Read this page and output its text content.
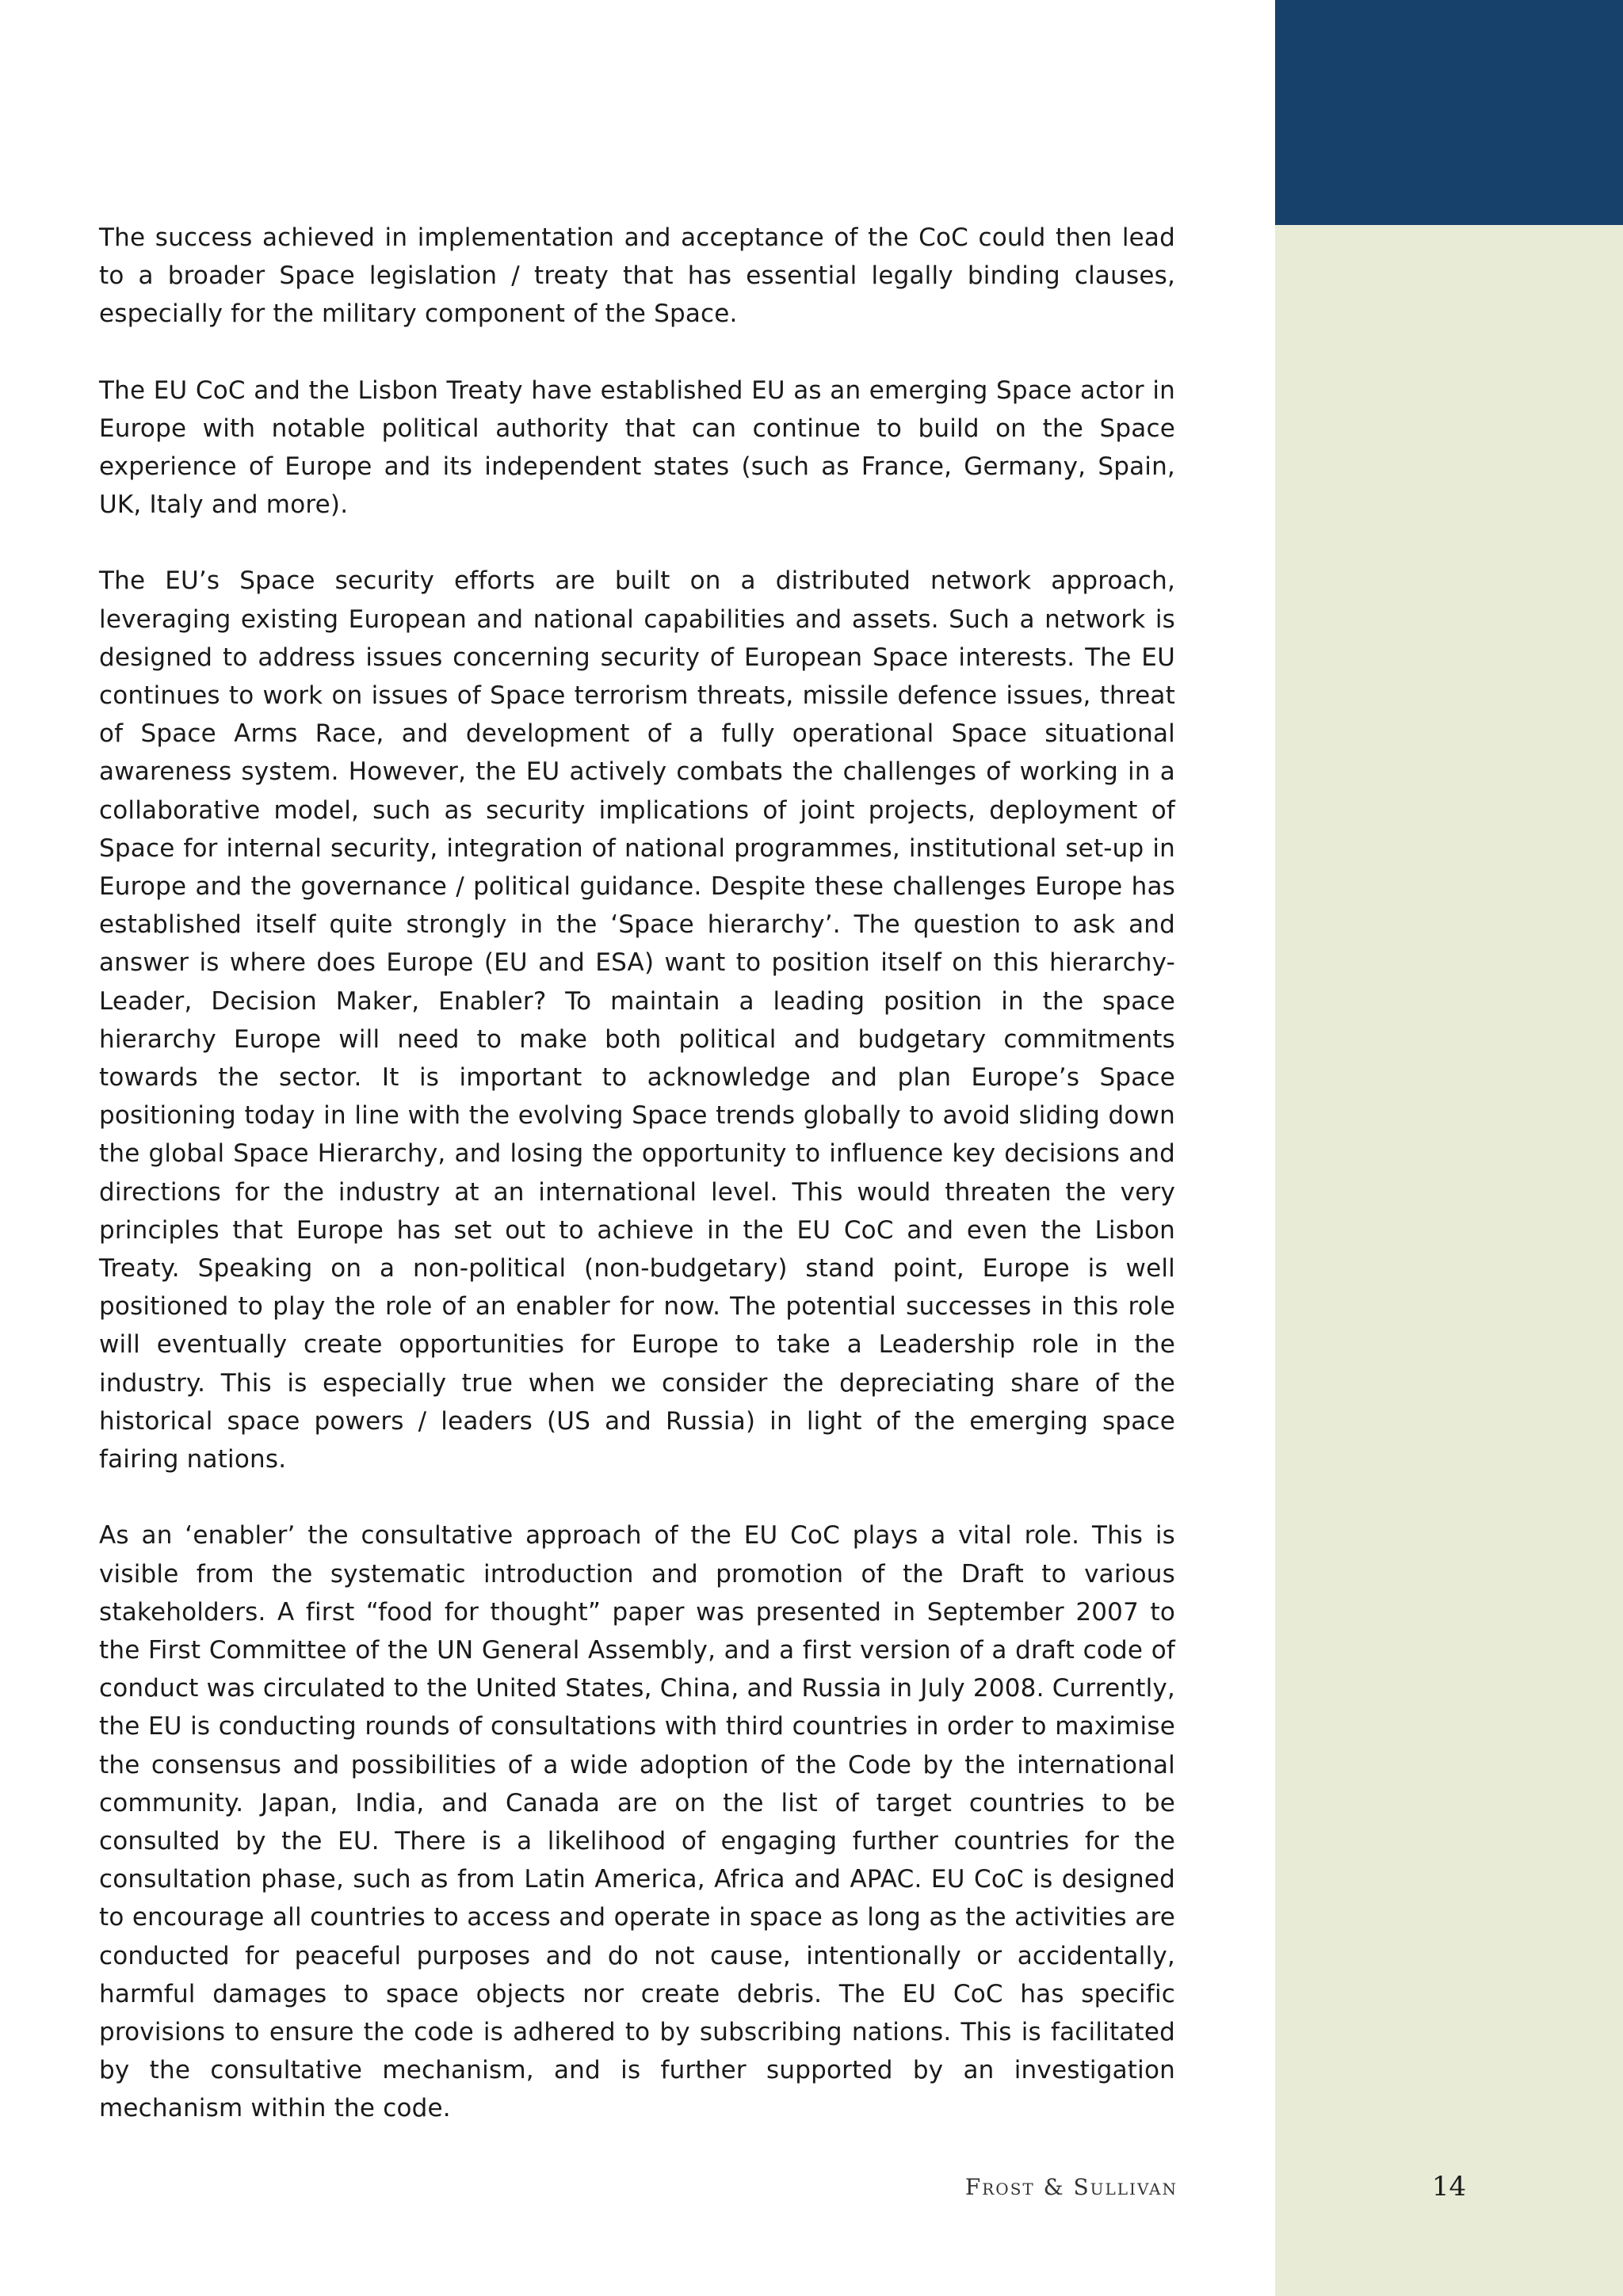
The success achieved in implementation and acceptance of the CoC could then lead to a broader Space legislation / treaty that has essential legally binding clauses, especially for the military component of the Space.

The EU CoC and the Lisbon Treaty have established EU as an emerging Space actor in Europe with notable political authority that can continue to build on the Space experience of Europe and its independent states (such as France, Germany, Spain, UK, Italy and more).

The EU’s Space security efforts are built on a distributed network approach, leveraging existing European and national capabilities and assets. Such a network is designed to address issues concerning security of European Space interests. The EU continues to work on issues of Space terrorism threats, missile defence issues, threat of Space Arms Race, and development of a fully operational Space situational awareness system. However, the EU actively combats the challenges of working in a collaborative model, such as security implications of joint projects, deployment of Space for internal security, integration of national programmes, institutional set-up in Europe and the governance / political guidance. Despite these challenges Europe has established itself quite strongly in the ‘Space hierarchy’. The question to ask and answer is where does Europe (EU and ESA) want to position itself on this hierarchy- Leader, Decision Maker, Enabler? To maintain a leading position in the space hierarchy Europe will need to make both political and budgetary commitments towards the sector. It is important to acknowledge and plan Europe’s Space positioning today in line with the evolving Space trends globally to avoid sliding down the global Space Hierarchy, and losing the opportunity to influence key decisions and directions for the industry at an international level. This would threaten the very principles that Europe has set out to achieve in the EU CoC and even the Lisbon Treaty. Speaking on a non-political (non-budgetary) stand point, Europe is well positioned to play the role of an enabler for now. The potential successes in this role will eventually create opportunities for Europe to take a Leadership role in the industry. This is especially true when we consider the depreciating share of the historical space powers / leaders (US and Russia) in light of the emerging space fairing nations.

As an ‘enabler’ the consultative approach of the EU CoC plays a vital role. This is visible from the systematic introduction and promotion of the Draft to various stakeholders. A first “food for thought” paper was presented in September 2007 to the First Committee of the UN General Assembly, and a first version of a draft code of conduct was circulated to the United States, China, and Russia in July 2008. Currently, the EU is conducting rounds of consultations with third countries in order to maximise the consensus and possibilities of a wide adoption of the Code by the international community. Japan, India, and Canada are on the list of target countries to be consulted by the EU. There is a likelihood of engaging further countries for the consultation phase, such as from Latin America, Africa and APAC. EU CoC is designed to encourage all countries to access and operate in space as long as the activities are conducted for peaceful purposes and do not cause, intentionally or accidentally, harmful damages to space objects nor create debris. The EU CoC has specific provisions to ensure the code is adhered to by subscribing nations. This is facilitated by the consultative mechanism, and is further supported by an investigation mechanism within the code.

Frost & Sullivan	14
